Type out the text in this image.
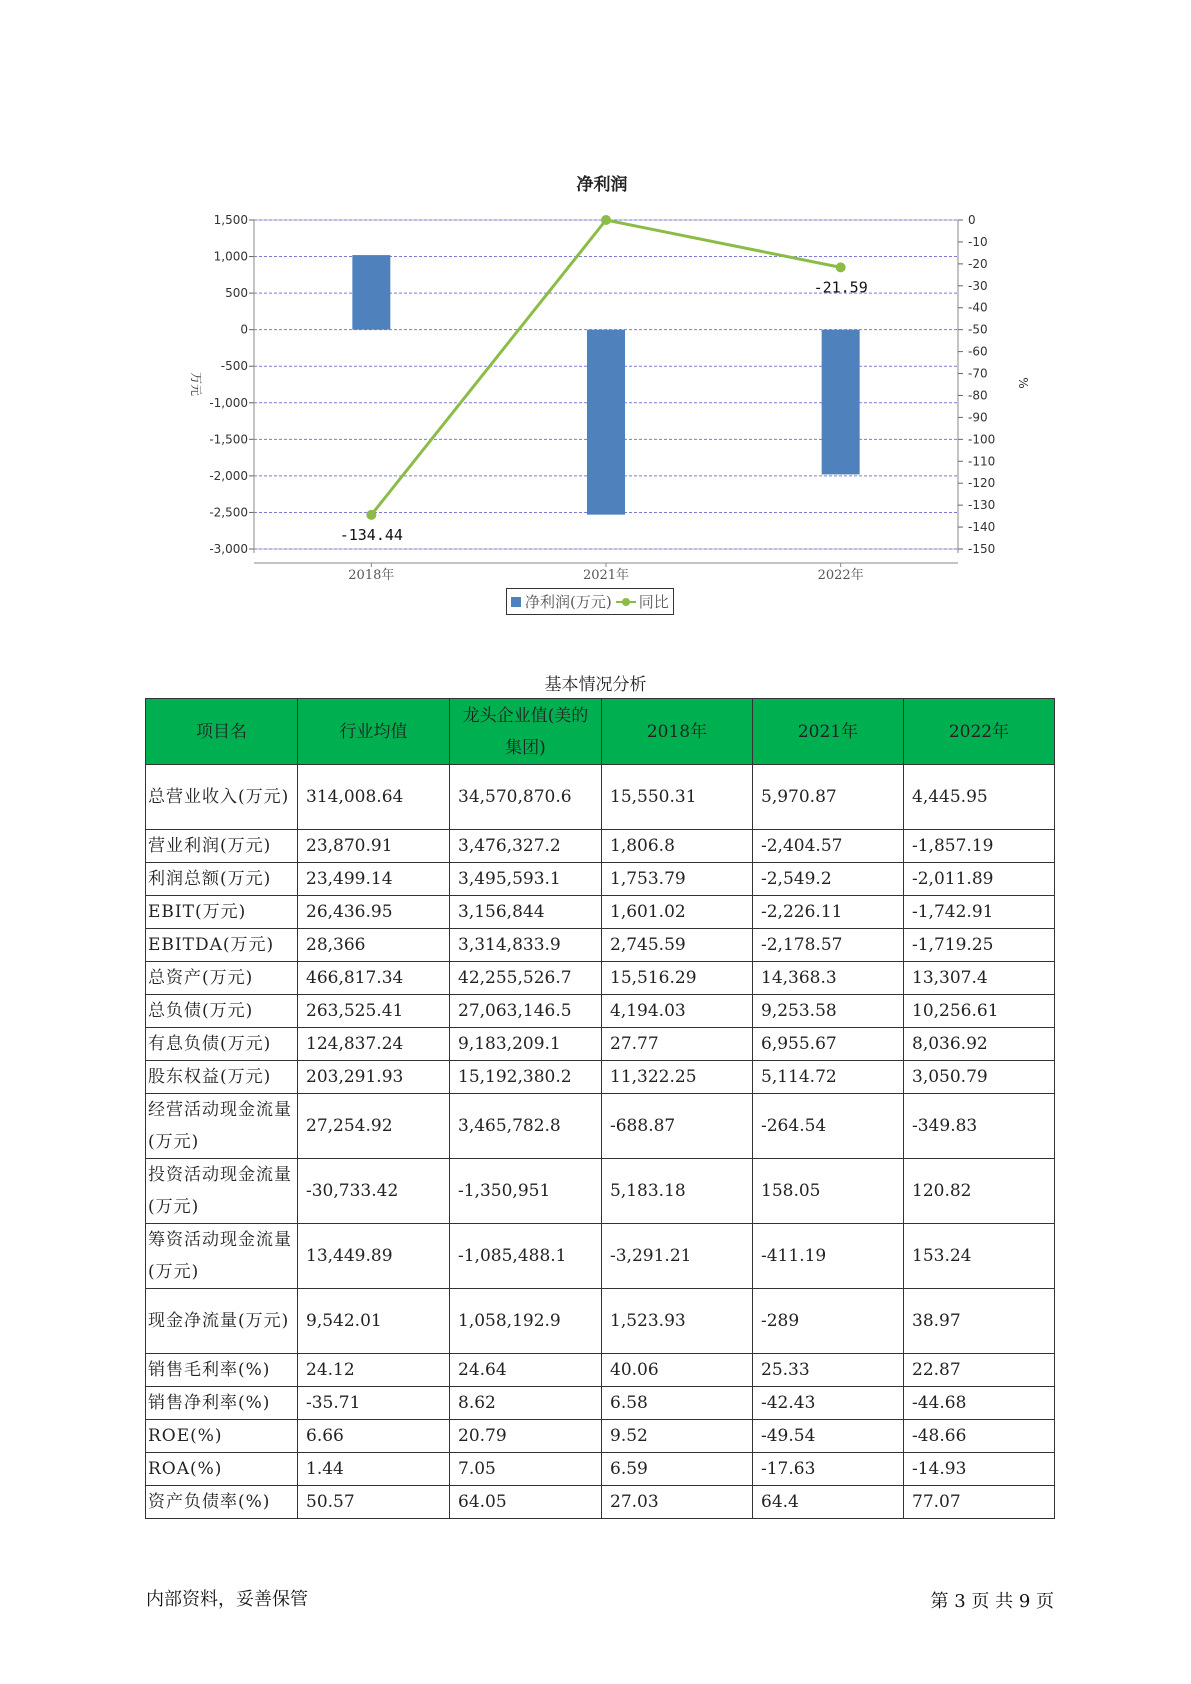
1,500
1,000
500
0
-500
-1,000
-1,500
-2,000
-2,500
-3,000
0
-10
-20
-30
-40
-50
-60
-70
-80
-90
-100
-110
-120
-130
-140
-150
万元	%
净利润
2018年	2021年	2022年
-134.44
-21.59
净利润(万元) 同比
基本情况分析
项目名	行业均值	龙头企业值(美的集团)	2018年	2021年	2022年
总营业收入(万元)	314,008.64	34,570,870.6	15,550.31	5,970.87	4,445.95
营业利润(万元)	23,870.91	3,476,327.2	1,806.8	-2,404.57	-1,857.19
利润总额(万元)	23,499.14	3,495,593.1	1,753.79	-2,549.2	-2,011.89
EBIT(万元)	26,436.95	3,156,844	1,601.02	-2,226.11	-1,742.91
EBITDA(万元)	28,366	3,314,833.9	2,745.59	-2,178.57	-1,719.25
总资产(万元)	466,817.34	42,255,526.7	15,516.29	14,368.3	13,307.4
总负债(万元)	263,525.41	27,063,146.5	4,194.03	9,253.58	10,256.61
有息负债(万元)	124,837.24	9,183,209.1	27.77	6,955.67	8,036.92
股东权益(万元)	203,291.93	15,192,380.2	11,322.25	5,114.72	3,050.79
经营活动现金流量(万元)	27,254.92	3,465,782.8	-688.87	-264.54	-349.83
投资活动现金流量(万元)	-30,733.42	-1,350,951	5,183.18	158.05	120.82
筹资活动现金流量(万元)	13,449.89	-1,085,488.1	-3,291.21	-411.19	153.24
现金净流量(万元)	9,542.01	1,058,192.9	1,523.93	-289	38.97
销售毛利率(%)	24.12	24.64	40.06	25.33	22.87
销售净利率(%)	-35.71	8.62	6.58	-42.43	-44.68
ROE(%)	6.66	20.79	9.52	-49.54	-48.66
ROA(%)	1.44	7.05	6.59	-17.63	-14.93
资产负债率(%)	50.57	64.05	27.03	64.4	77.07
内部资料，妥善保管	第 3 页 共 9 页
